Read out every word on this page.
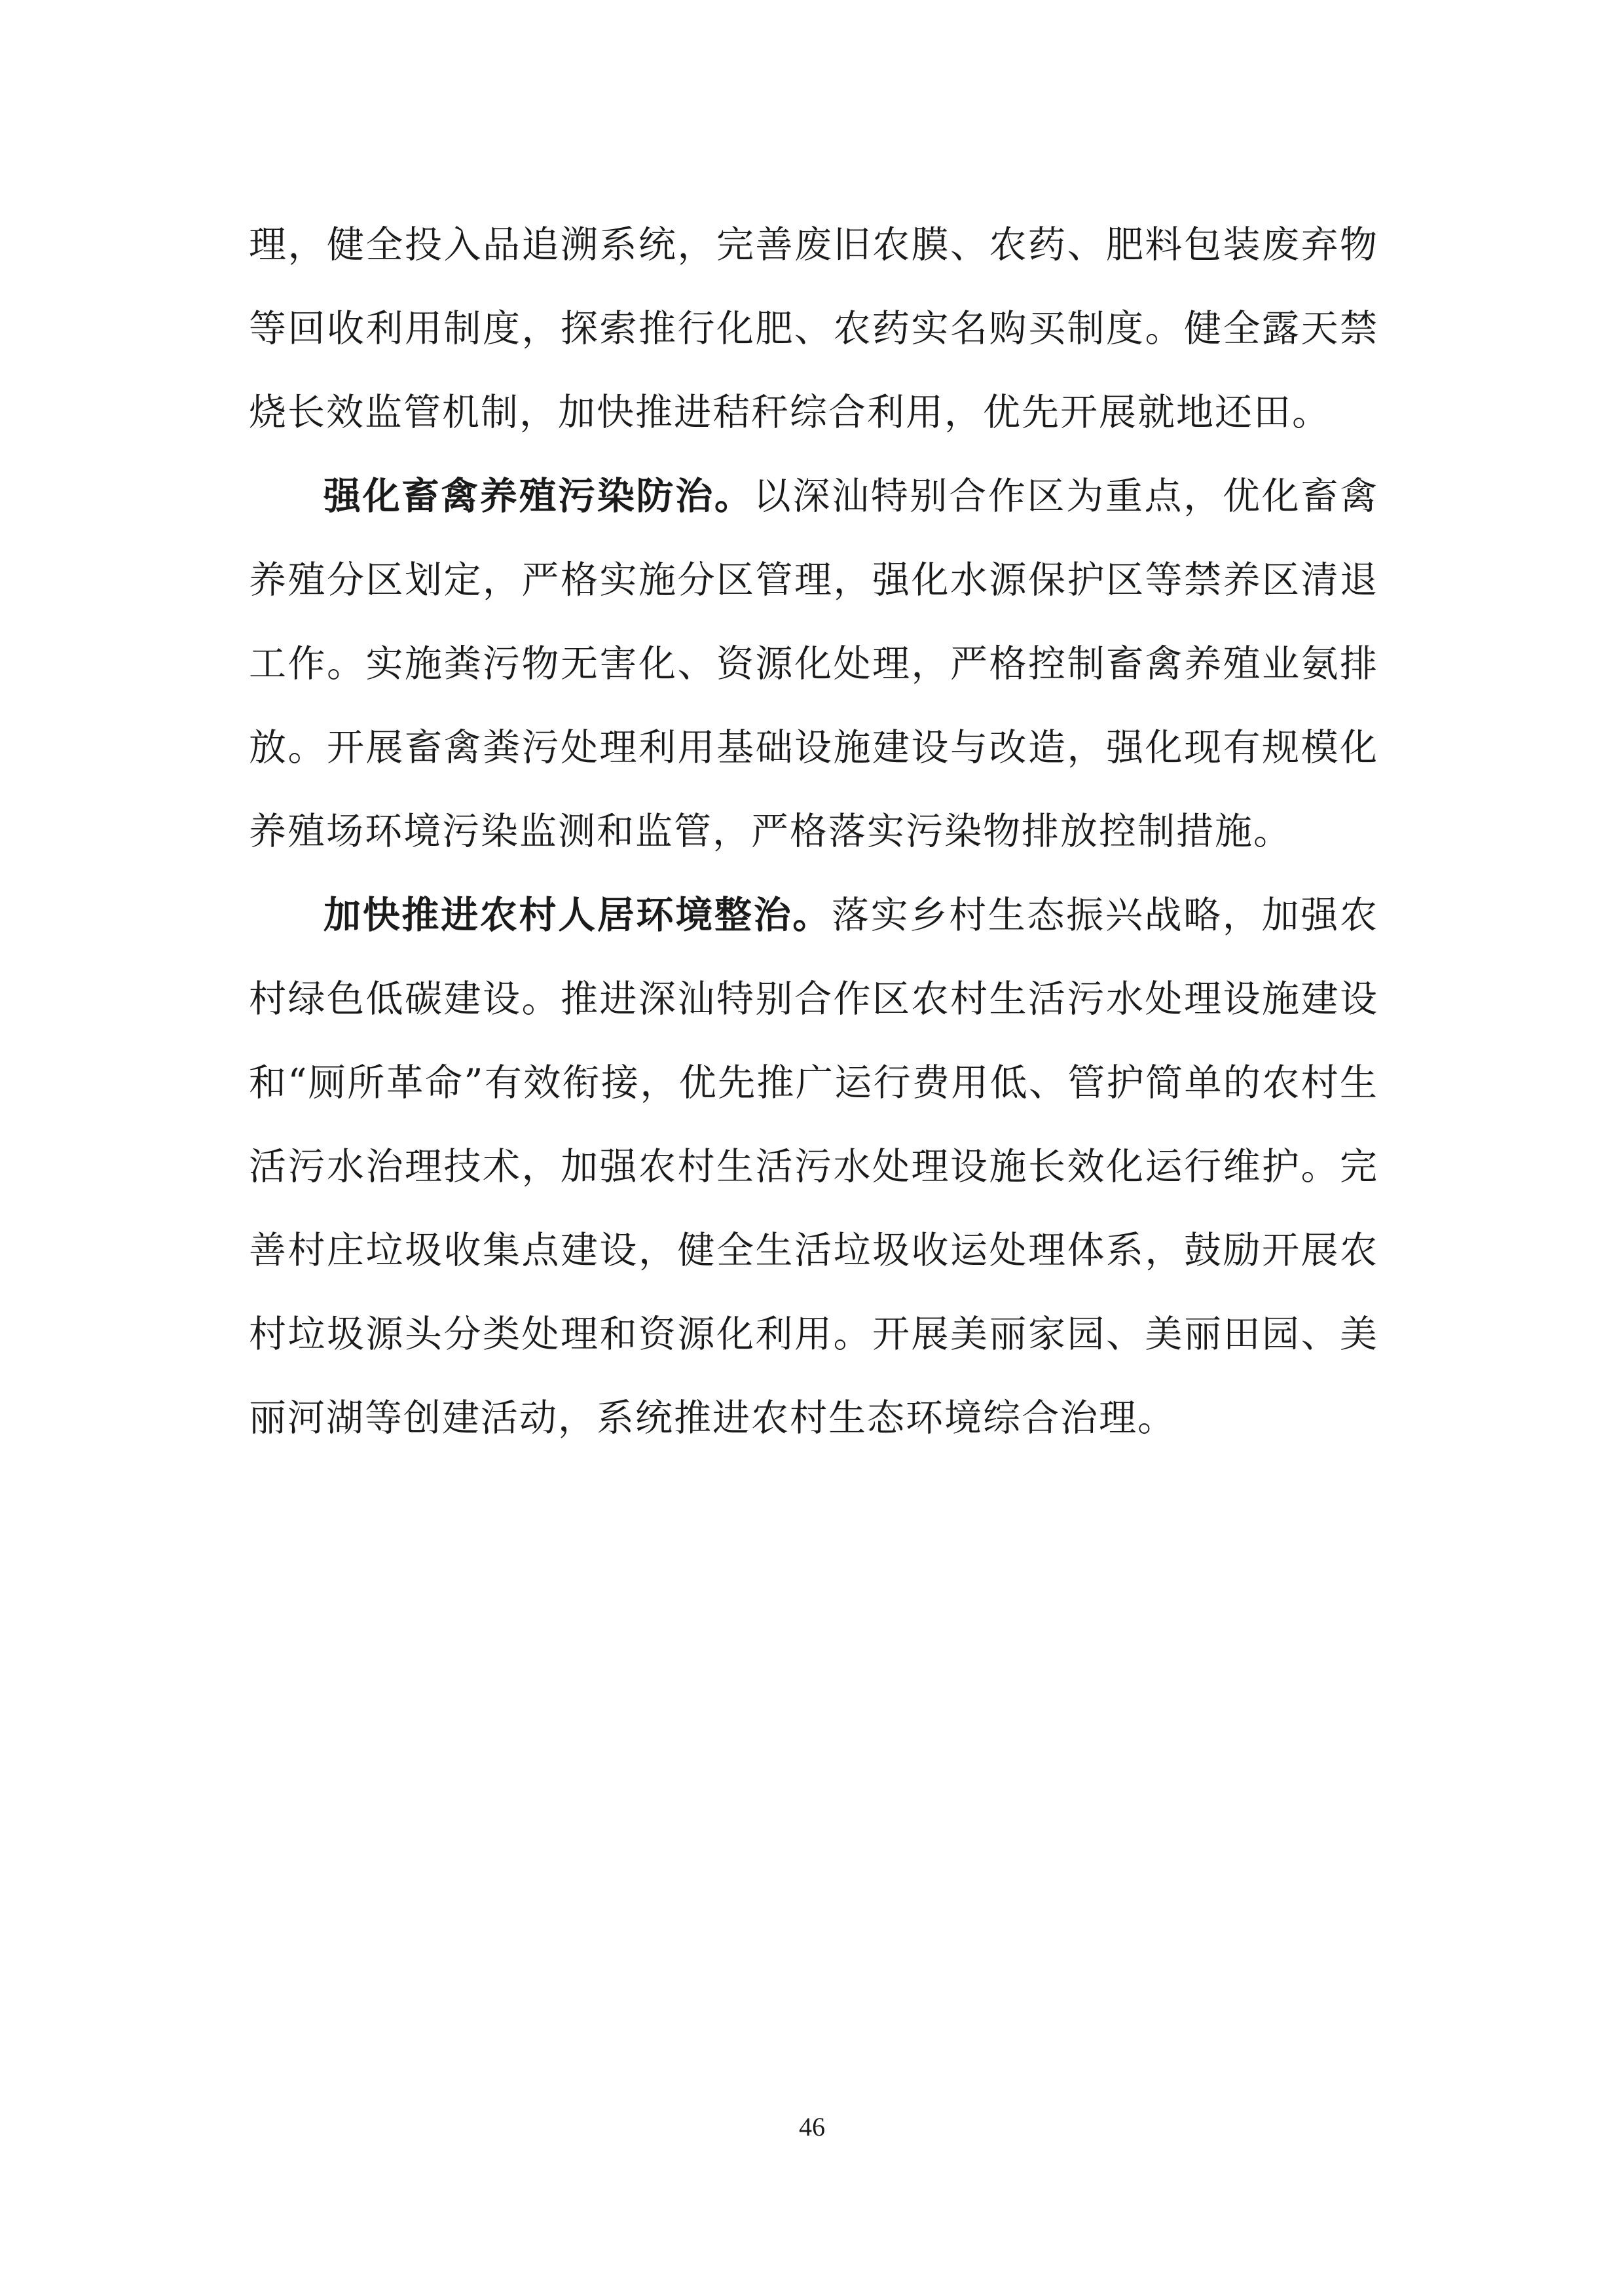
理，健全投入品追溯系统，完善废旧农膜、农药、肥料包装废弃物等回收利用制度，探索推行化肥、农药实名购买制度。健全露天禁烧长效监管机制，加快推进秸秆综合利用，优先开展就地还田。

强化畜禽养殖污染防治。以深汕特别合作区为重点，优化畜禽养殖分区划定，严格实施分区管理，强化水源保护区等禁养区清退工作。实施粪污物无害化、资源化处理，严格控制畜禽养殖业氨排放。开展畜禽粪污处理利用基础设施建设与改造，强化现有规模化养殖场环境污染监测和监管，严格落实污染物排放控制措施。

加快推进农村人居环境整治。落实乡村生态振兴战略，加强农村绿色低碳建设。推进深汕特别合作区农村生活污水处理设施建设和“厕所革命”有效衔接，优先推广运行费用低、管护简单的农村生活污水治理技术，加强农村生活污水处理设施长效化运行维护。完善村庄垃圾收集点建设，健全生活垃圾收运处理体系，鼓励开展农村垃圾源头分类处理和资源化利用。开展美丽家园、美丽田园、美丽河湖等创建活动，系统推进农村生态环境综合治理。

46
